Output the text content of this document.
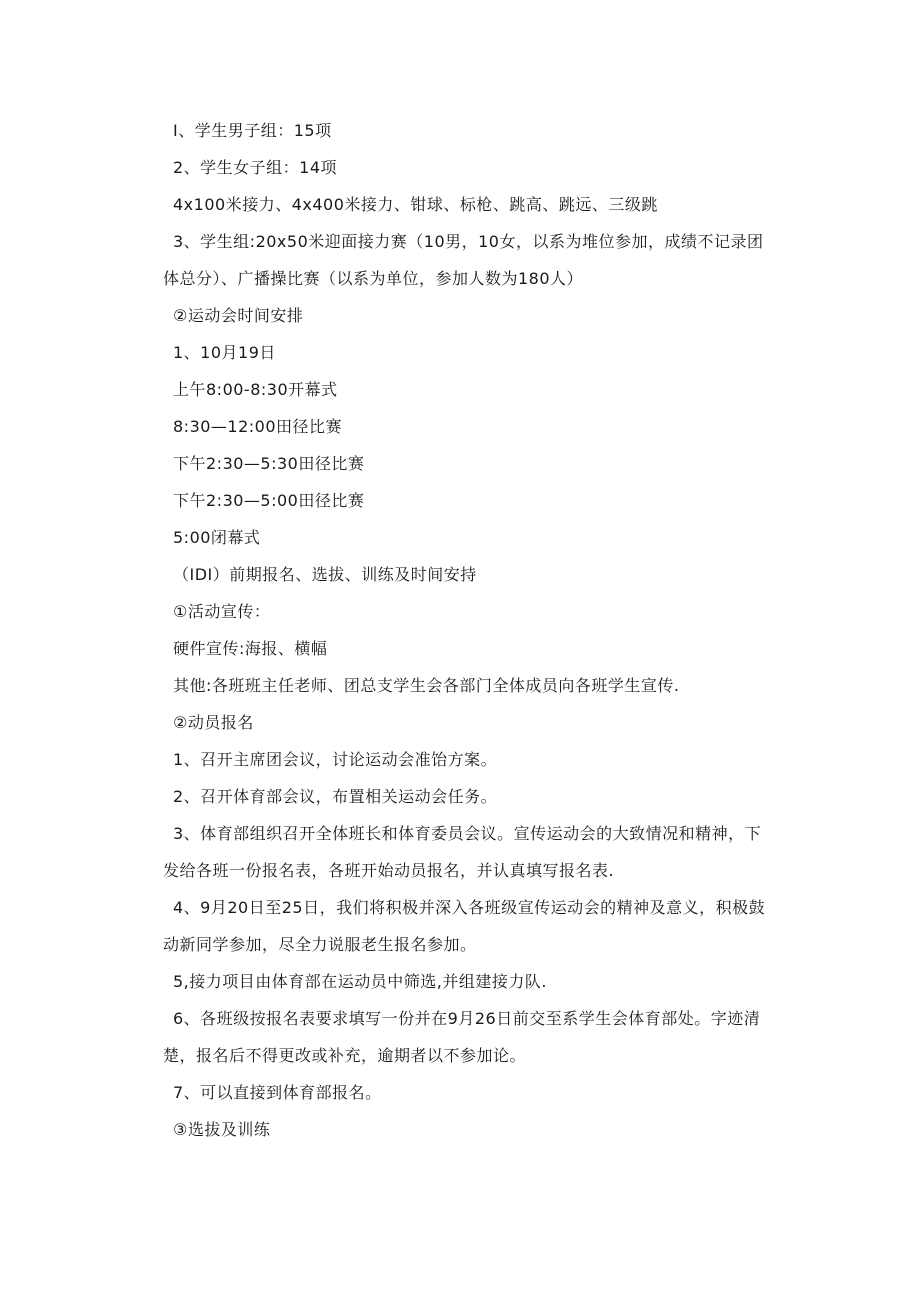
I、学生男子组：15项
2、学生女子组：14项
4x100米接力、4x400米接力、钳球、标枪、跳高、跳远、三级跳
3、学生组:20x50米迎面接力赛（10男，10女，以系为堆位参加，成绩不记录团
体总分）、广播操比赛（以系为单位，参加人数为180人）
②运动会时间安排
1、10月19日
上午8:00-8:30开幕式
8:30—12:00田径比赛
下午2:30—5:30田径比赛
下午2:30—5:00田径比赛
5:00闭幕式
（IDI）前期报名、选拔、训练及时间安持
①活动宣传：
硬件宣传:海报、横幅
其他:各班班主任老师、团总支学生会各部门全体成员向各班学生宣传.
②动员报名
1、召开主席团会议，讨论运动会准饴方案。
2、召开体育部会议，布置相关运动会任务。
3、体育部组织召开全体班长和体育委员会议。宣传运动会的大致情况和精神，下
发给各班一份报名表，各班开始动员报名，并认真填写报名表.
4、9月20日至25日，我们将积极并深入各班级宣传运动会的精神及意义，积极鼓
动新同学参加，尽全力说服老生报名参加。
5,接力项目由体育部在运动员中筛选,并组建接力队.
6、各班级按报名表要求填写一份并在9月26日前交至系学生会体育部处。字迹清
楚，报名后不得更改或补充，逾期者以不参加论。
7、可以直接到体育部报名。
③选拔及训练
